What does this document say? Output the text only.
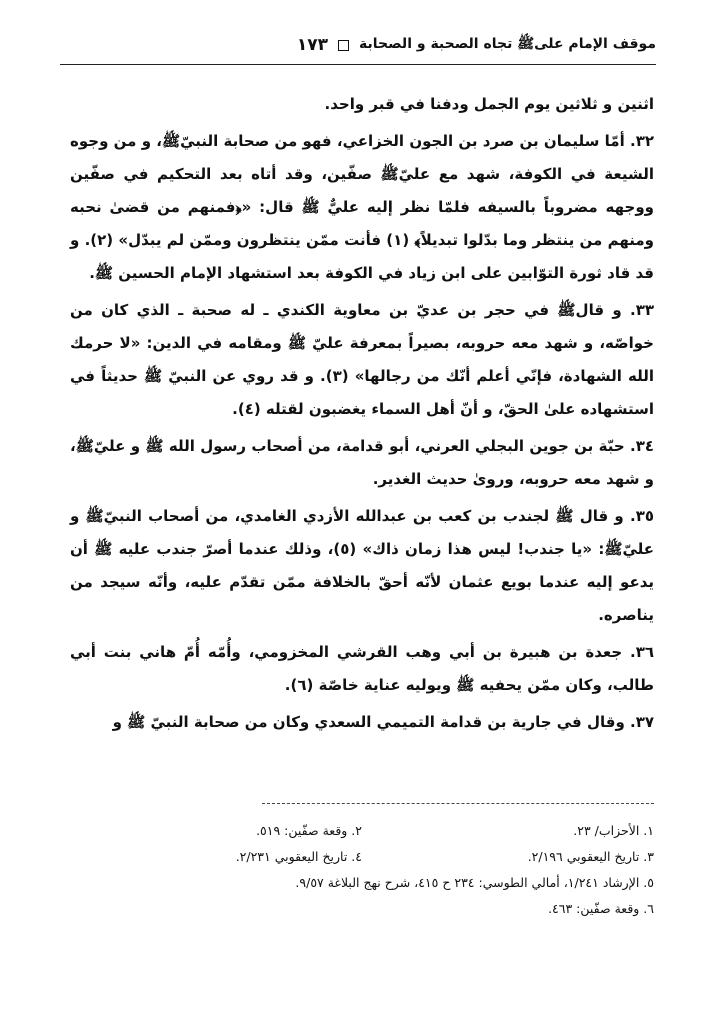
موقف الإمام علىﷺ تجاه الصحبة و الصحابة
١٧٣

اثنين و ثلاثين يوم الجمل ودفنا في قبر واحد.

٣٢. أمّا سليمان بن صرد بن الجون الخزاعي، فهو من صحابة النبيّﷺ، و من وجوه الشيعة في الكوفة، شهد مع عليّﷺ صفّين، وقد أتاه بعد التحكيم في صفّين ووجهه مضروباً بالسيفه فلمّا نظر إليه عليٌّ ﷺ قال: «﴿فمنهم من قضىٰ نحبه ومنهم من ينتظر وما بدّلوا تبديلاً﴾ (١) فأنت ممّن ينتظرون وممّن لم يبدّل» (٢). و قد قاد ثورة التوّابين على ابن زياد في الكوفة بعد استشهاد الإمام الحسين ﷺ.

٣٣. و قالﷺ في حجر بن عديّ بن معاوية الكندي ـ له صحبة ـ الذي كان من خواصّه، و شهد معه حروبه، بصيراً بمعرفة عليّ ﷺ ومقامه في الدين: «لا حرمك الله الشهادة، فإنّي أعلم أنّك من رجالها» (٣). و قد روي عن النبيّ ﷺ حديثاً في استشهاده علىٰ الحقّ، و أنّ أهل السماء يغضبون لقتله (٤).

٣٤. حبّة بن جوين البجلي العرني، أبو قدامة، من أصحاب رسول الله ﷺ و عليّﷺ، و شهد معه حروبه، وروىٰ حديث الغدير.

٣٥. و قال ﷺ لجندب بن كعب بن عبدالله الأزدي الغامدي، من أصحاب النبيّﷺ و عليّﷺ: «يا جندب! ليس هذا زمان ذاك» (٥)، وذلك عندما أصرّ جندب عليه ﷺ أن يدعو إليه عندما بويع عثمان لأنّه أحقّ بالخلافة ممّن تقدّم عليه، وأنّه سيجد من يناصره.

٣٦. جعدة بن هبيرة بن أبي وهب القرشي المخزومي، وأُمّه أُمّ هاني بنت أبي طالب، وكان ممّن يحفيه ﷺ ويوليه عناية خاصّة (٦).

٣٧. وقال في جارية بن قدامة التميمي السعدي وكان من صحابة النبيّ ﷺ و

١. الأحزاب/ ٢٣.
٢. وقعة صفّين: ٥١٩.
٣. تاريخ اليعقوبي ٢/١٩٦.
٤. تاريخ اليعقوبي ٢/٢٣١.
٥. الإرشاد ١/٢٤١، أمالي الطوسي: ٢٣٤ ح ٤١٥، شرح نهج البلاغة ٩/٥٧.
٦. وقعة صفّين: ٤٦٣.
